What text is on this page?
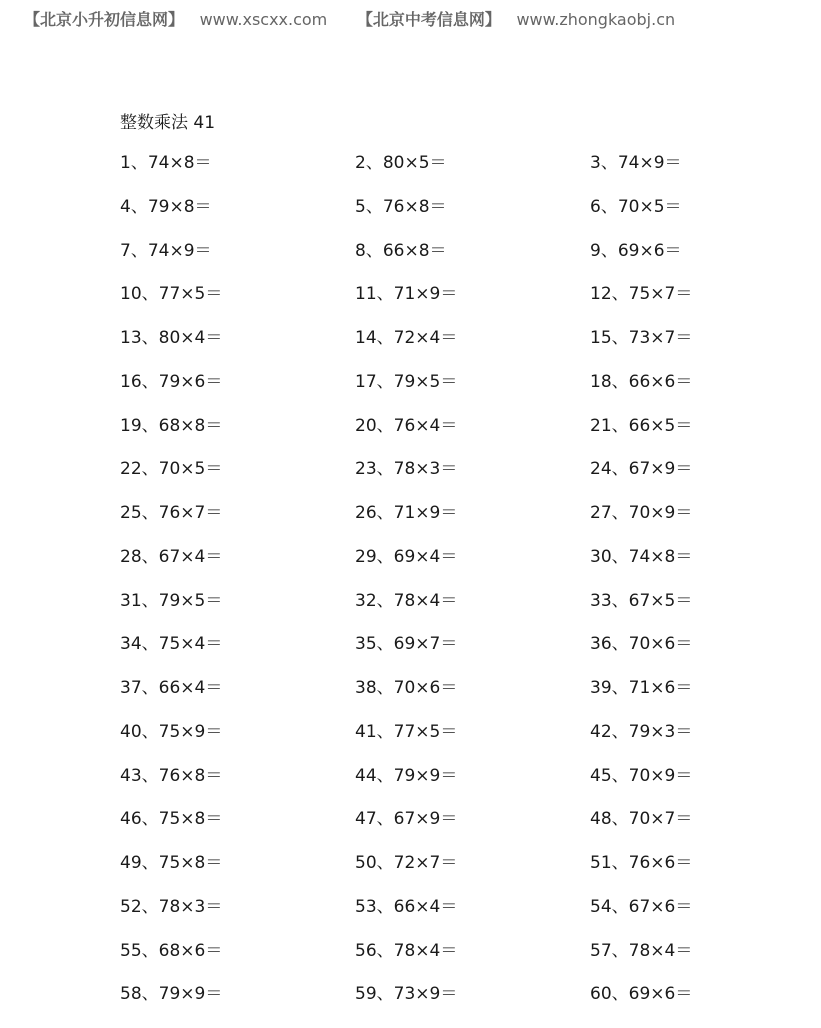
【北京小升初信息网】 www.xscxx.com 【北京中考信息网】 www.zhongkaobj.cn
整数乘法 41
1、74×8＝	2、80×5＝	3、74×9＝
4、79×8＝	5、76×8＝	6、70×5＝
7、74×9＝	8、66×8＝	9、69×6＝
10、77×5＝	11、71×9＝	12、75×7＝
13、80×4＝	14、72×4＝	15、73×7＝
16、79×6＝	17、79×5＝	18、66×6＝
19、68×8＝	20、76×4＝	21、66×5＝
22、70×5＝	23、78×3＝	24、67×9＝
25、76×7＝	26、71×9＝	27、70×9＝
28、67×4＝	29、69×4＝	30、74×8＝
31、79×5＝	32、78×4＝	33、67×5＝
34、75×4＝	35、69×7＝	36、70×6＝
37、66×4＝	38、70×6＝	39、71×6＝
40、75×9＝	41、77×5＝	42、79×3＝
43、76×8＝	44、79×9＝	45、70×9＝
46、75×8＝	47、67×9＝	48、70×7＝
49、75×8＝	50、72×7＝	51、76×6＝
52、78×3＝	53、66×4＝	54、67×6＝
55、68×6＝	56、78×4＝	57、78×4＝
58、79×9＝	59、73×9＝	60、69×6＝
